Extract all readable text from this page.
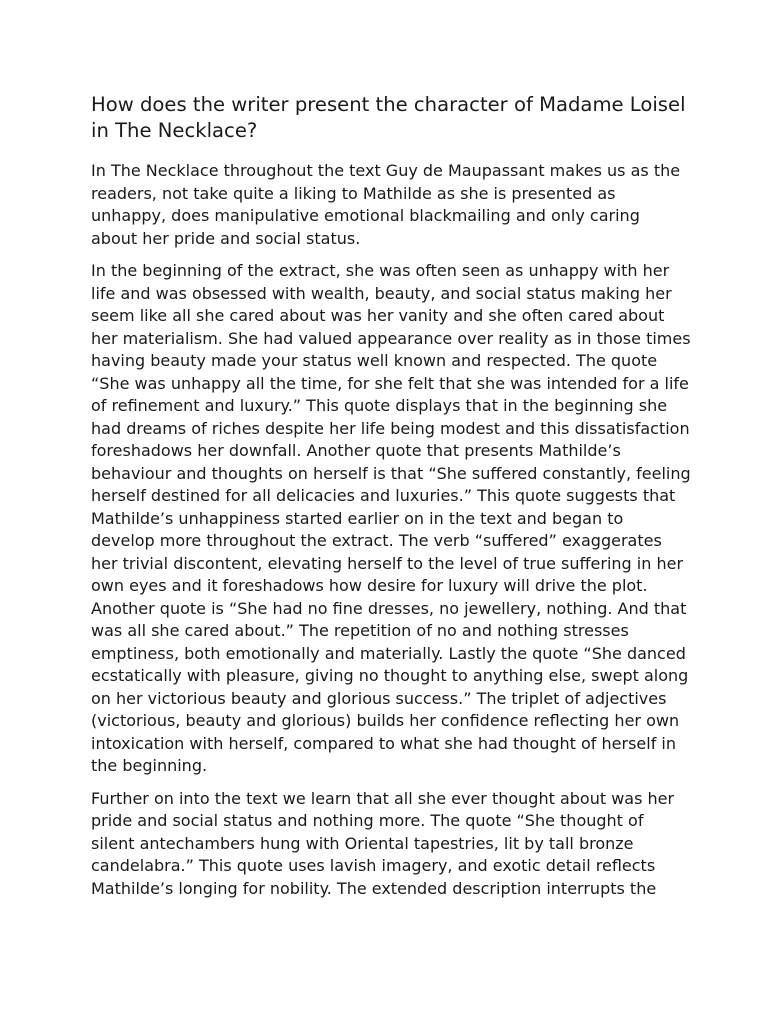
How does the writer present the character of Madame Loisel in The Necklace?

In The Necklace throughout the text Guy de Maupassant makes us as the readers, not take quite a liking to Mathilde as she is presented as unhappy, does manipulative emotional blackmailing and only caring about her pride and social status.

In the beginning of the extract, she was often seen as unhappy with her life and was obsessed with wealth, beauty, and social status making her seem like all she cared about was her vanity and she often cared about her materialism. She had valued appearance over reality as in those times having beauty made your status well known and respected. The quote “She was unhappy all the time, for she felt that she was intended for a life of refinement and luxury.” This quote displays that in the beginning she had dreams of riches despite her life being modest and this dissatisfaction foreshadows her downfall. Another quote that presents Mathilde’s behaviour and thoughts on herself is that “She suffered constantly, feeling herself destined for all delicacies and luxuries.” This quote suggests that Mathilde’s unhappiness started earlier on in the text and began to develop more throughout the extract. The verb “suffered” exaggerates her trivial discontent, elevating herself to the level of true suffering in her own eyes and it foreshadows how desire for luxury will drive the plot. Another quote is “She had no fine dresses, no jewellery, nothing. And that was all she cared about.” The repetition of no and nothing stresses emptiness, both emotionally and materially. Lastly the quote “She danced ecstatically with pleasure, giving no thought to anything else, swept along on her victorious beauty and glorious success.” The triplet of adjectives (victorious, beauty and glorious) builds her confidence reflecting her own intoxication with herself, compared to what she had thought of herself in the beginning.

Further on into the text we learn that all she ever thought about was her pride and social status and nothing more. The quote “She thought of silent antechambers hung with Oriental tapestries, lit by tall bronze candelabra.” This quote uses lavish imagery, and exotic detail reflects Mathilde’s longing for nobility. The extended description interrupts the
